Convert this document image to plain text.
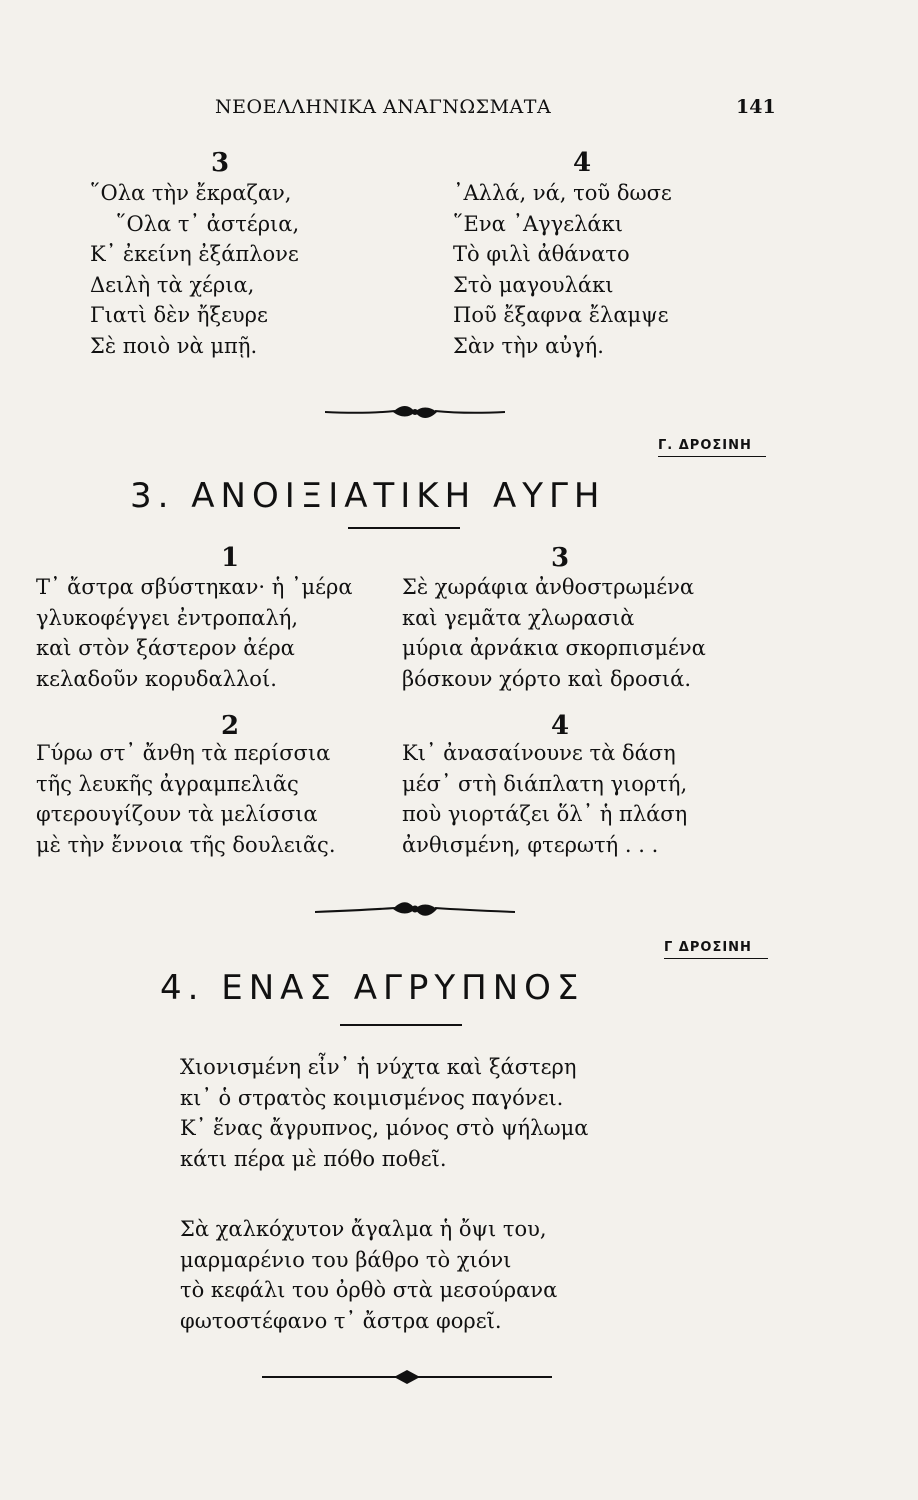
ΝΕΟΕΛΛΗΝΙΚΑ ΑΝΑΓΝΩΣΜΑΤΑ	141
3
῞Ολα τὴν ἔκραζαν,
῞Ολα τ᾽ ἀστέρια,
Κ᾽ ἐκείνη ἐξάπλονε
Δειλὴ τὰ χέρια,
Γιατὶ δὲν ἤξευρε
Σὲ ποιὸ νὰ μπῇ.
4
᾽Αλλά, νά, τοῦ δωσε
῞Ενα ᾽Αγγελάκι
Τὸ φιλὶ ἀθάνατο
Στὸ μαγουλάκι
Ποῦ ἔξαφνα ἔλαμψε
Σὰν τὴν αὐγή.
Γ. ΔΡΟΣΙΝΗ
3. ΑΝΟΙΞΙΑΤΙΚΗ ΑΥΓΗ
1
Τ᾽ ἄστρα σβύστηκαν· ἡ ᾽μέρα
γλυκοφέγγει ἐντροπαλή,
καὶ στὸν ξάστερον ἀέρα
κελαδοῦν κορυδαλλοί.
2
Γύρω στ᾽ ἄνθη τὰ περίσσια
τῆς λευκῆς ἀγραμπελιᾶς
φτερουγίζουν τὰ μελίσσια
μὲ τὴν ἔννοια τῆς δουλειᾶς.
3
Σὲ χωράφια ἀνθοστρωμένα
καὶ γεμᾶτα χλωρασιὰ
μύρια ἀρνάκια σκορπισμένα
βόσκουν χόρτο καὶ δροσιά.
4
Κι᾽ ἀνασαίνουνε τὰ δάση
μέσ᾽ στὴ διάπλατη γιορτή,
ποὺ γιορτάζει ὅλ᾽ ἡ πλάση
ἀνθισμένη, φτερωτή . . .
Γ ΔΡΟΣΙΝΗ
4. ΕΝΑΣ ΑΓΡΥΠΝΟΣ
Χιονισμένη εἶν᾽ ἡ νύχτα καὶ ξάστερη
κι᾽ ὁ στρατὸς κοιμισμένος παγόνει.
Κ᾽ ἕνας ἄγρυπνος, μόνος στὸ ψήλωμα
κάτι πέρα μὲ πόθο ποθεῖ.
Σὰ χαλκόχυτον ἄγαλμα ἡ ὄψι του,
μαρμαρένιο του βάθρο τὸ χιόνι
τὸ κεφάλι του ὀρθὸ στὰ μεσούρανα
φωτοστέφανο τ᾽ ἄστρα φορεῖ.
